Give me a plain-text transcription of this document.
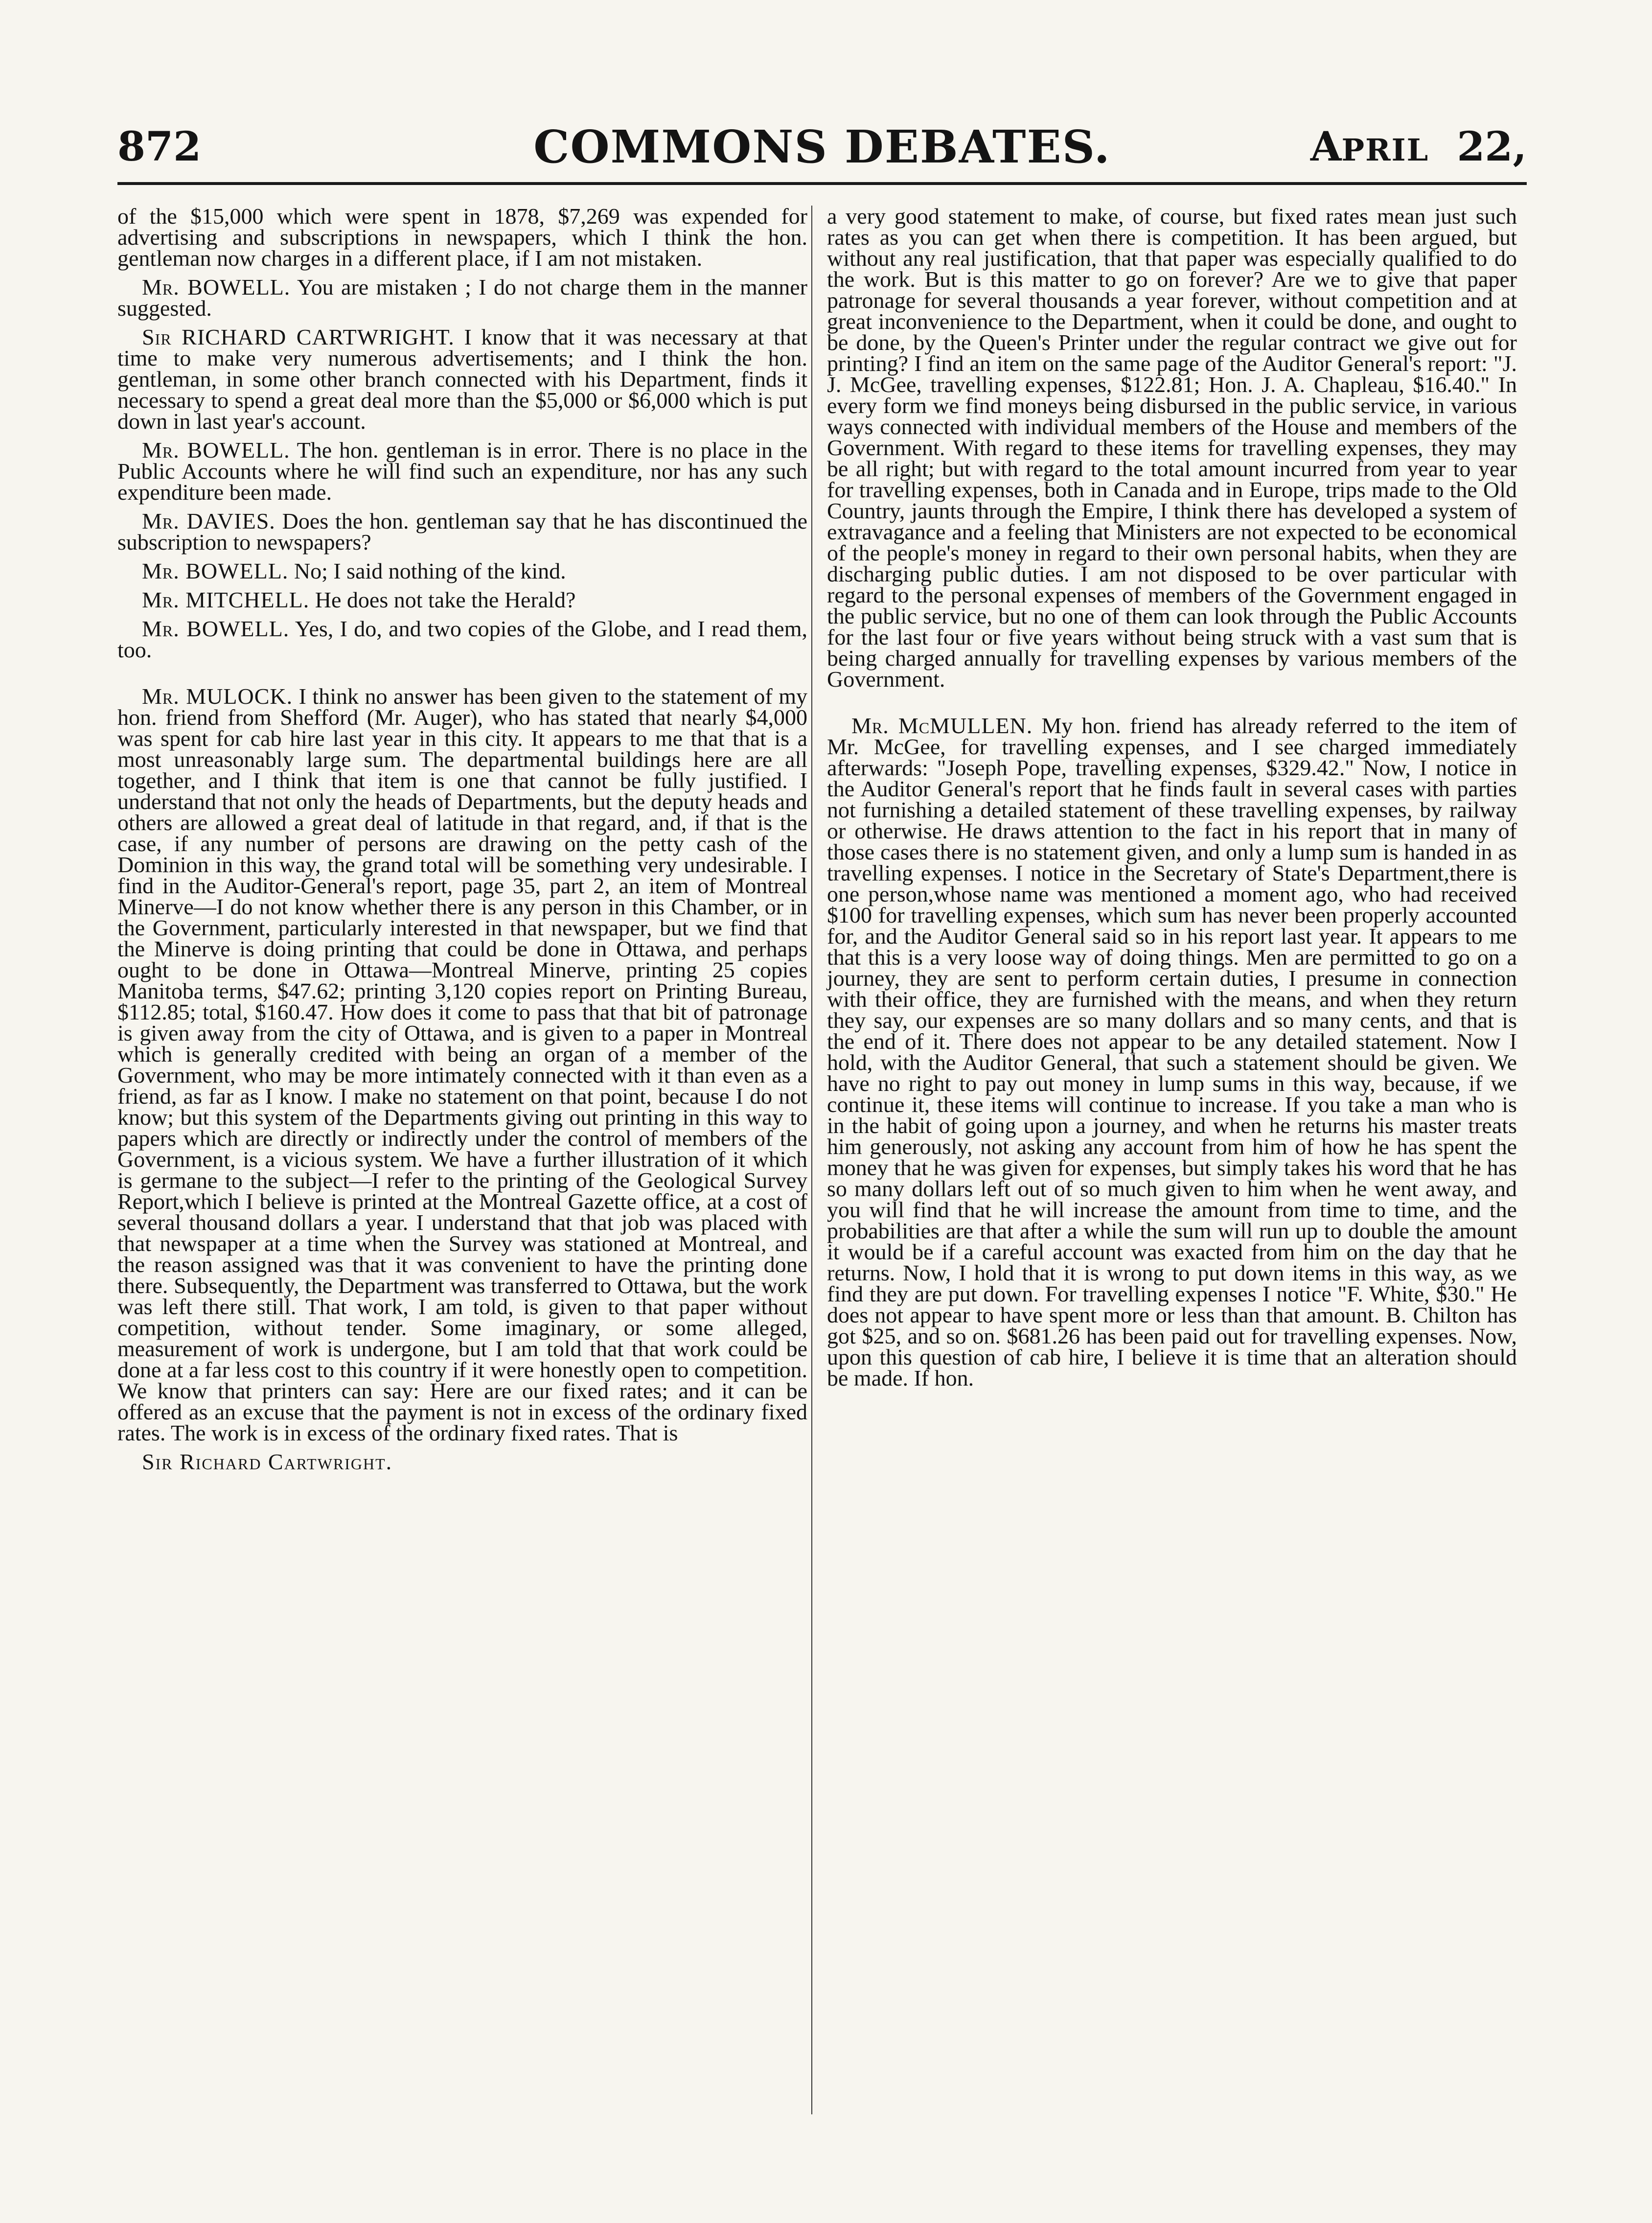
872	COMMONS DEBATES.	APRIL 22,

of the $15,000 which were spent in 1878, $7,269 was expended for advertising and subscriptions in newspapers, which I think the hon. gentleman now charges in a different place, if I am not mistaken.

Mr. BOWELL. You are mistaken ; I do not charge them in the manner suggested.

Sir RICHARD CARTWRIGHT. I know that it was necessary at that time to make very numerous advertisements; and I think the hon. gentleman, in some other branch connected with his Department, finds it necessary to spend a great deal more than the $5,000 or $6,000 which is put down in last year's account.

Mr. BOWELL. The hon. gentleman is in error. There is no place in the Public Accounts where he will find such an expenditure, nor has any such expenditure been made.

Mr. DAVIES. Does the hon. gentleman say that he has discontinued the subscription to newspapers?

Mr. BOWELL. No; I said nothing of the kind.

Mr. MITCHELL. He does not take the Herald?

Mr. BOWELL. Yes, I do, and two copies of the Globe, and I read them, too.

Mr. MULOCK. I think no answer has been given to the statement of my hon. friend from Shefford (Mr. Auger), who has stated that nearly $4,000 was spent for cab hire last year in this city. It appears to me that that is a most unreasonably large sum. The departmental buildings here are all together, and I think that item is one that cannot be fully justified. I understand that not only the heads of Departments, but the deputy heads and others are allowed a great deal of latitude in that regard, and, if that is the case, if any number of persons are drawing on the petty cash of the Dominion in this way, the grand total will be something very undesirable. I find in the Auditor-General's report, page 35, part 2, an item of Montreal Minerve—I do not know whether there is any person in this Chamber, or in the Government, particularly interested in that newspaper, but we find that the Minerve is doing printing that could be done in Ottawa, and perhaps ought to be done in Ottawa—Montreal Minerve, printing 25 copies Manitoba terms, $47.62; printing 3,120 copies report on Printing Bureau, $112.85; total, $160.47. How does it come to pass that that bit of patronage is given away from the city of Ottawa, and is given to a paper in Montreal which is generally credited with being an organ of a member of the Government, who may be more intimately connected with it than even as a friend, as far as I know. I make no statement on that point, because I do not know; but this system of the Departments giving out printing in this way to papers which are directly or indirectly under the control of members of the Government, is a vicious system. We have a further illustration of it which is germane to the subject—I refer to the printing of the Geological Survey Report,which I believe is printed at the Montreal Gazette office, at a cost of several thousand dollars a year. I understand that that job was placed with that newspaper at a time when the Survey was stationed at Montreal, and the reason assigned was that it was convenient to have the printing done there. Subsequently, the Department was transferred to Ottawa, but the work was left there still. That work, I am told, is given to that paper without competition, without tender. Some imaginary, or some alleged, measurement of work is undergone, but I am told that that work could be done at a far less cost to this country if it were honestly open to competition. We know that printers can say: Here are our fixed rates; and it can be offered as an excuse that the payment is not in excess of the ordinary fixed rates. The work is in excess of the ordinary fixed rates. That is

Sir Richard Cartwright.

a very good statement to make, of course, but fixed rates mean just such rates as you can get when there is competition. It has been argued, but without any real justification, that that paper was especially qualified to do the work. But is this matter to go on forever? Are we to give that paper patronage for several thousands a year forever, without competition and at great inconvenience to the Department, when it could be done, and ought to be done, by the Queen's Printer under the regular contract we give out for printing? I find an item on the same page of the Auditor General's report: "J. J. McGee, travelling expenses, $122.81; Hon. J. A. Chapleau, $16.40." In every form we find moneys being disbursed in the public service, in various ways connected with individual members of the House and members of the Government. With regard to these items for travelling expenses, they may be all right; but with regard to the total amount incurred from year to year for travelling expenses, both in Canada and in Europe, trips made to the Old Country, jaunts through the Empire, I think there has developed a system of extravagance and a feeling that Ministers are not expected to be economical of the people's money in regard to their own personal habits, when they are discharging public duties. I am not disposed to be over particular with regard to the personal expenses of members of the Government engaged in the public service, but no one of them can look through the Public Accounts for the last four or five years without being struck with a vast sum that is being charged annually for travelling expenses by various members of the Government.

Mr. McMULLEN. My hon. friend has already referred to the item of Mr. McGee, for travelling expenses, and I see charged immediately afterwards: "Joseph Pope, travelling expenses, $329.42." Now, I notice in the Auditor General's report that he finds fault in several cases with parties not furnishing a detailed statement of these travelling expenses, by railway or otherwise. He draws attention to the fact in his report that in many of those cases there is no statement given, and only a lump sum is handed in as travelling expenses. I notice in the Secretary of State's Department,there is one person,whose name was mentioned a moment ago, who had received $100 for travelling expenses, which sum has never been properly accounted for, and the Auditor General said so in his report last year. It appears to me that this is a very loose way of doing things. Men are permitted to go on a journey, they are sent to perform certain duties, I presume in connection with their office, they are furnished with the means, and when they return they say, our expenses are so many dollars and so many cents, and that is the end of it. There does not appear to be any detailed statement. Now I hold, with the Auditor General, that such a statement should be given. We have no right to pay out money in lump sums in this way, because, if we continue it, these items will continue to increase. If you take a man who is in the habit of going upon a journey, and when he returns his master treats him generously, not asking any account from him of how he has spent the money that he was given for expenses, but simply takes his word that he has so many dollars left out of so much given to him when he went away, and you will find that he will increase the amount from time to time, and the probabilities are that after a while the sum will run up to double the amount it would be if a careful account was exacted from him on the day that he returns. Now, I hold that it is wrong to put down items in this way, as we find they are put down. For travelling expenses I notice "F. White, $30." He does not appear to have spent more or less than that amount. B. Chilton has got $25, and so on. $681.26 has been paid out for travelling expenses. Now, upon this question of cab hire, I believe it is time that an alteration should be made. If hon.
